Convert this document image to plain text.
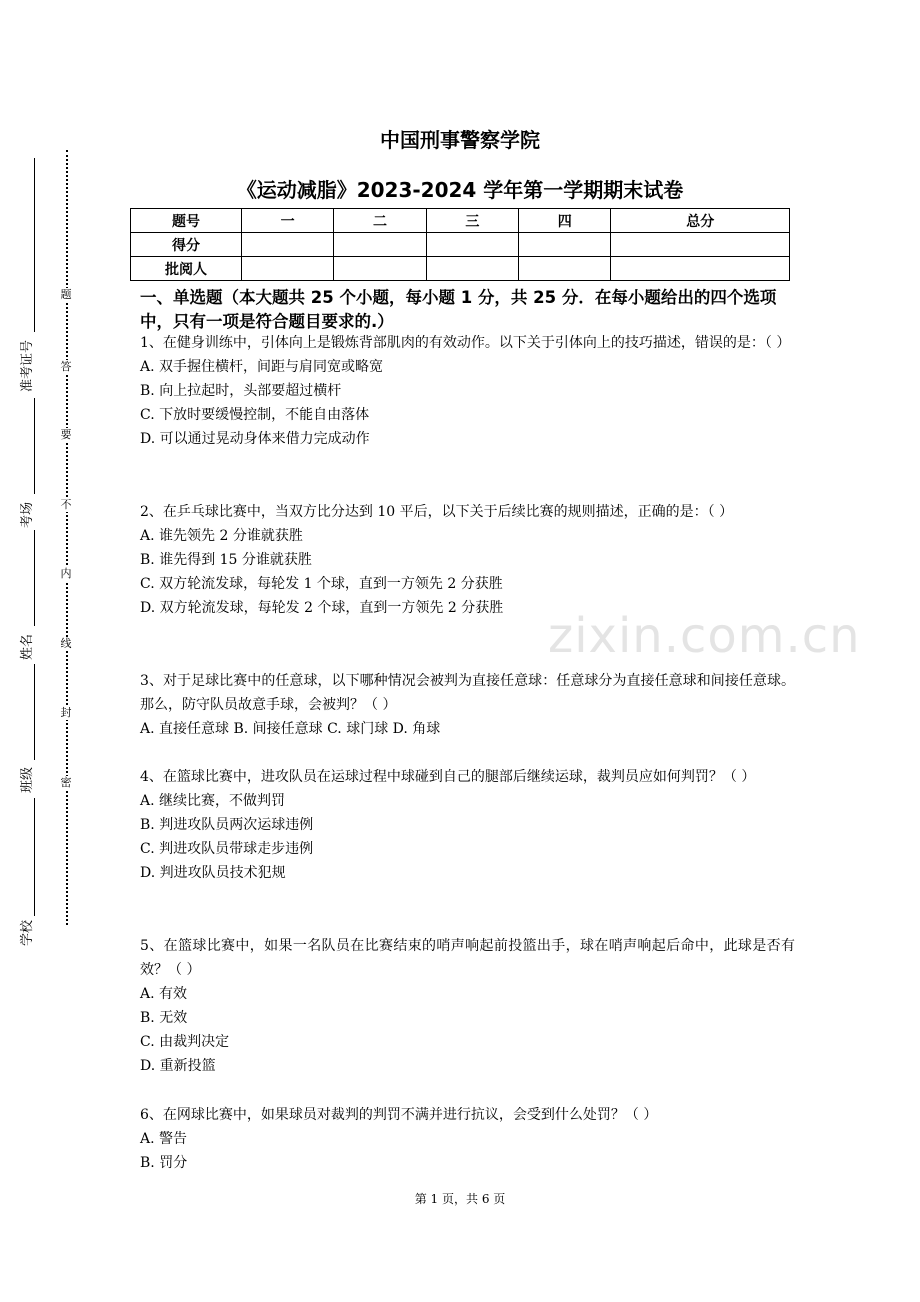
中国刑事警察学院
《运动减脂》2023-2024 学年第一学期期末试卷
题号	一	二	三	四	总分
得分					
批阅人					
一、单选题（本大题共 25 个小题，每小题 1 分，共 25 分．在每小题给出的四个选项中，只有一项是符合题目要求的.）

1、在健身训练中，引体向上是锻炼背部肌肉的有效动作。以下关于引体向上的技巧描述，错误的是：（ ）

A. 双手握住横杆，间距与肩同宽或略宽

B. 向上拉起时，头部要超过横杆

C. 下放时要缓慢控制，不能自由落体

D. 可以通过晃动身体来借力完成动作

2、在乒乓球比赛中，当双方比分达到 10 平后，以下关于后续比赛的规则描述，正确的是：（ ）

A. 谁先领先 2 分谁就获胜

B. 谁先得到 15 分谁就获胜

C. 双方轮流发球，每轮发 1 个球，直到一方领先 2 分获胜

D. 双方轮流发球，每轮发 2 个球，直到一方领先 2 分获胜

3、对于足球比赛中的任意球，以下哪种情况会被判为直接任意球：任意球分为直接任意球和间接任意球。那么，防守队员故意手球，会被判？（ ）

A. 直接任意球 B. 间接任意球 C. 球门球 D. 角球

4、在篮球比赛中，进攻队员在运球过程中球碰到自己的腿部后继续运球，裁判员应如何判罚？（ ）

A. 继续比赛，不做判罚

B. 判进攻队员两次运球违例

C. 判进攻队员带球走步违例

D. 判进攻队员技术犯规

5、在篮球比赛中，如果一名队员在比赛结束的哨声响起前投篮出手，球在哨声响起后命中，此球是否有效？（ ）

A. 有效

B. 无效

C. 由裁判决定

D. 重新投篮

6、在网球比赛中，如果球员对裁判的判罚不满并进行抗议，会受到什么处罚？（ ）

A. 警告

B. 罚分

zixin.com.cn
准考证号
考场
姓名
班级
学校
题
答
要
不
内
线
封
密
第 1 页，共 6 页
